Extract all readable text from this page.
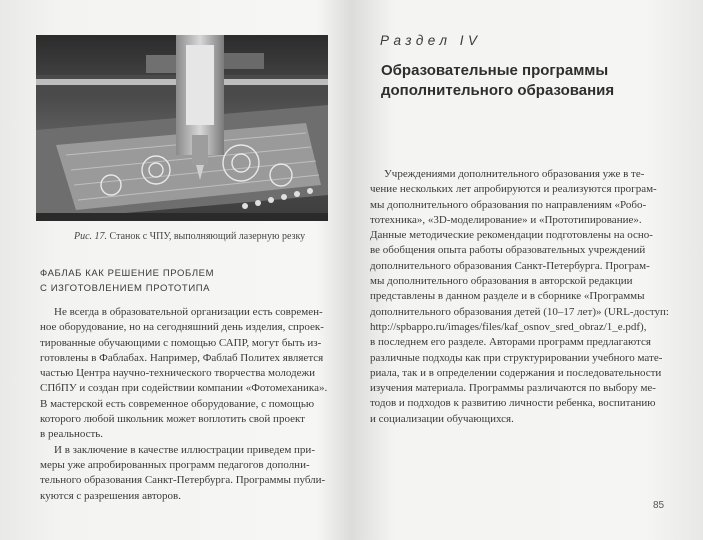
Рис. 17. Станок с ЧПУ, выполняющий лазерную резку
ФАБЛАБ КАК РЕШЕНИЕ ПРОБЛЕМ
С ИЗГОТОВЛЕНИЕМ ПРОТОТИПА
Не всегда в образовательной организации есть современ-
ное оборудование, но на сегодняшний день изделия, спроек-
тированные обучающими с помощью САПР, могут быть из-
готовлены в Фаблабах. Например, Фаблаб Политех является
частью Центра научно-технического творчества молодежи
СПбПУ и создан при содействии компании «Фотомеханика».
В мастерской есть современное оборудование, с помощью
которого любой школьник может воплотить свой проект
в реальность.
И в заключение в качестве иллюстрации приведем при-
меры уже апробированных программ педагогов дополни-
тельного образования Санкт-Петербурга. Программы публи-
куются с разрешения авторов.
Раздел IV
Образовательные программы
дополнительного образования
Учреждениями дополнительного образования уже в те-
чение нескольких лет апробируются и реализуются програм-
мы дополнительного образования по направлениям «Робо-
тотехника», «3D-моделирование» и «Прототипирование».
Данные методические рекомендации подготовлены на осно-
ве обобщения опыта работы образовательных учреждений
дополнительного образования Санкт-Петербурга. Програм-
мы дополнительного образования в авторской редакции
представлены в данном разделе и в сборнике «Программы
дополнительного образования детей (10–17 лет)» (URL-доступ:
http://spbappo.ru/images/files/kaf_osnov_sred_obraz/1_e.pdf),
в последнем его разделе. Авторами программ предлагаются
различные подходы как при структурировании учебного мате-
риала, так и в определении содержания и последовательности
изучения материала. Программы различаются по выбору ме-
тодов и подходов к развитию личности ребенка, воспитанию
и социализации обучающихся.
85
